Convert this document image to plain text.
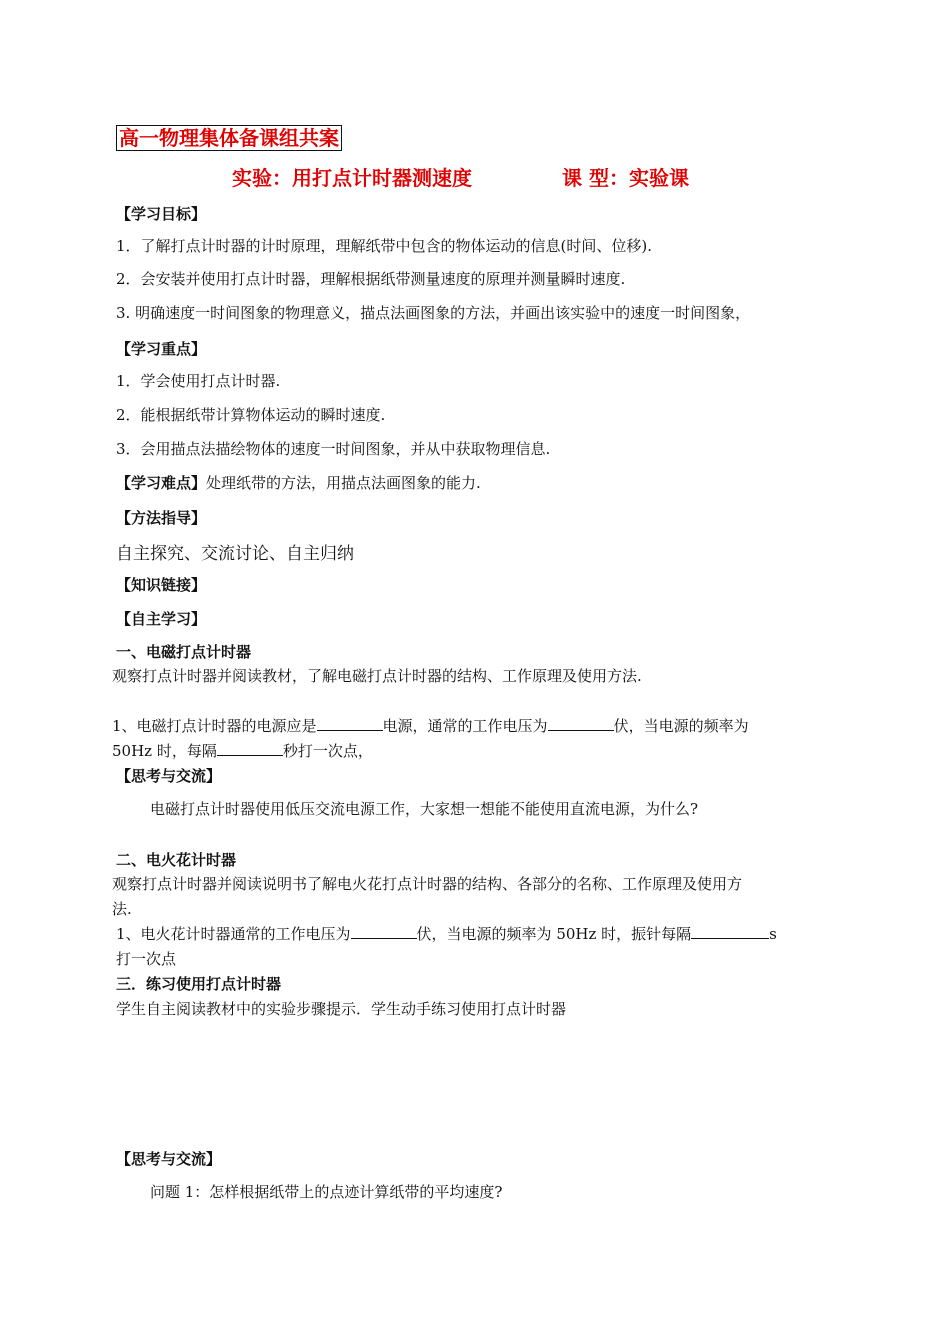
高一物理集体备课组共案
实验：用打点计时器测速度	课 型：实验课
【学习目标】
1．了解打点计时器的计时原理，理解纸带中包含的物体运动的信息(时间、位移).
2．会安装并使用打点计时器，理解根据纸带测量速度的原理并测量瞬时速度.
3. 明确速度一时间图象的物理意义，描点法画图象的方法，并画出该实验中的速度一时间图象，
【学习重点】
1．学会使用打点计时器.
2．能根据纸带计算物体运动的瞬时速度.
3．会用描点法描绘物体的速度一时间图象，并从中获取物理信息.
【学习难点】处理纸带的方法，用描点法画图象的能力.
【方法指导】
自主探究、交流讨论、自主归纳
【知识链接】
【自主学习】
一、电磁打点计时器
观察打点计时器并阅读教材，了解电磁打点计时器的结构、工作原理及使用方法.
1、电磁打点计时器的电源应是	电源，通常的工作电压为	伏，当电源的频率为
50Hz 时，每隔	秒打一次点，
【思考与交流】
电磁打点计时器使用低压交流电源工作，大家想一想能不能使用直流电源，为什么?
二、电火花计时器
观察打点计时器并阅读说明书了解电火花打点计时器的结构、各部分的名称、工作原理及使用方
法.
1、电火花计时器通常的工作电压为	伏，当电源的频率为 50Hz 时，振针每隔	s
打一次点
三．练习使用打点计时器
学生自主阅读教材中的实验步骤提示．学生动手练习使用打点计时器
【思考与交流】
问题 1：怎样根据纸带上的点迹计算纸带的平均速度?
